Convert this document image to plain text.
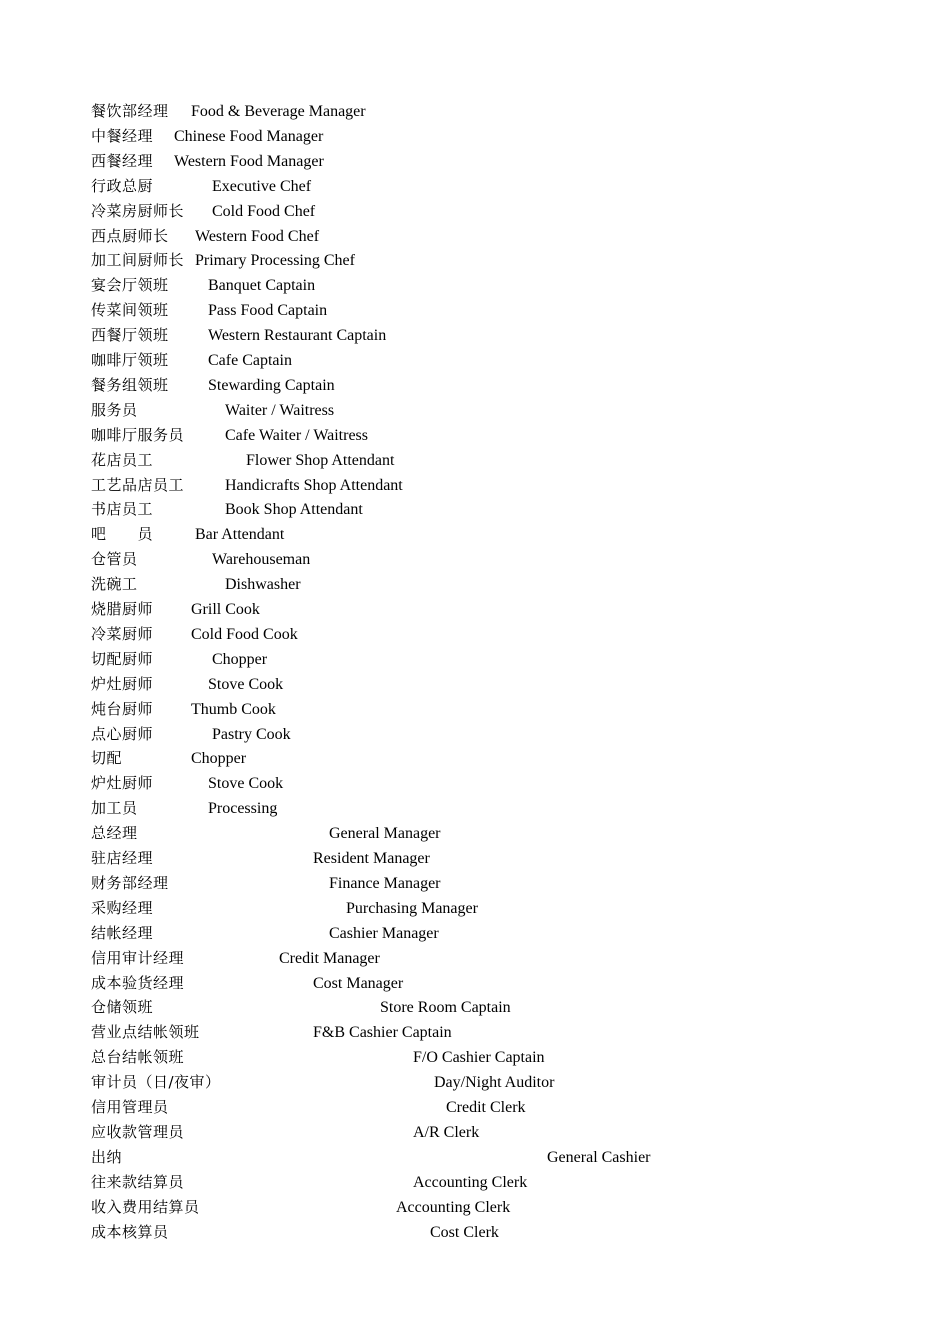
餐饮部经理 Food & Beverage Manager
中餐经理 Chinese Food Manager
西餐经理 Western Food Manager
行政总厨	Executive Chef
冷菜房厨师长 Cold Food Chef
西点厨师长 Western Food Chef
加工间厨师长 Primary Processing Chef
宴会厅领班 Banquet Captain
传菜间领班 Pass Food Captain
西餐厅领班 Western Restaurant Captain
咖啡厅领班 Cafe Captain
餐务组领班 Stewarding Captain
服务员	Waiter / Waitress
咖啡厅服务员	Cafe Waiter / Waitress
花店员工	Flower Shop Attendant
工艺品店员工	Handicrafts Shop Attendant
书店员工	Book Shop Attendant
吧　　员	Bar Attendant
仓管员	Warehouseman
洗碗工	Dishwasher
烧腊厨师 Grill Cook
冷菜厨师 Cold Food Cook
切配厨师	Chopper
炉灶厨师	Stove Cook
炖台厨师 Thumb Cook
点心厨师	Pastry Cook
切配	Chopper
炉灶厨师	Stove Cook
加工员	Processing
总经理	General Manager
驻店经理	Resident Manager
财务部经理	Finance Manager
采购经理	Purchasing Manager
结帐经理	Cashier Manager
信用审计经理	Credit Manager
成本验货经理	Cost Manager
仓储领班	Store Room Captain
营业点结帐领班	F&B Cashier Captain
总台结帐领班	F/O Cashier Captain
审计员（日/夜审）	Day/Night Auditor
信用管理员	Credit Clerk
应收款管理员	A/R Clerk
出纳	General Cashier
往来款结算员	Accounting Clerk
收入费用结算员	Accounting Clerk
成本核算员	Cost Clerk
